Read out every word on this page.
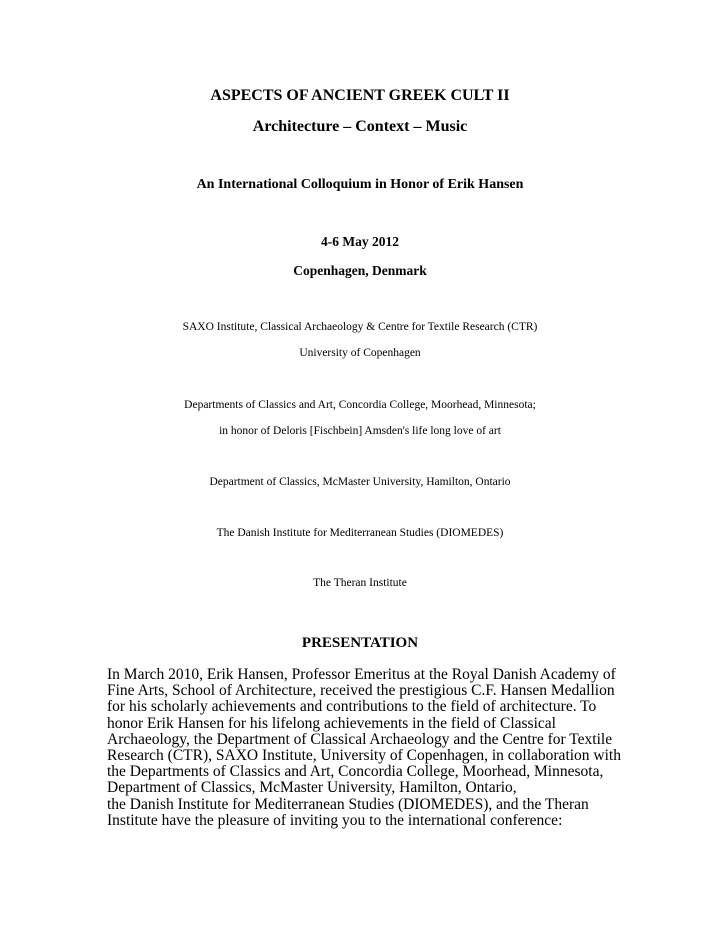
ASPECTS OF ANCIENT GREEK CULT II
Architecture – Context – Music
An International Colloquium in Honor of Erik Hansen
4-6 May 2012
Copenhagen, Denmark
SAXO Institute, Classical Archaeology & Centre for Textile Research (CTR)
University of Copenhagen
Departments of Classics and Art, Concordia College, Moorhead, Minnesota;
in honor of Deloris [Fischbein] Amsden's life long love of art
Department of Classics, McMaster University, Hamilton, Ontario
The Danish Institute for Mediterranean Studies (DIOMEDES)
The Theran Institute
PRESENTATION
In March 2010, Erik Hansen, Professor Emeritus at the Royal Danish Academy of
Fine Arts, School of Architecture, received the prestigious C.F. Hansen Medallion
for his scholarly achievements and contributions to the field of architecture. To
honor Erik Hansen for his lifelong achievements in the field of Classical
Archaeology, the Department of Classical Archaeology and the Centre for Textile
Research (CTR), SAXO Institute, University of Copenhagen, in collaboration with
the Departments of Classics and Art, Concordia College, Moorhead, Minnesota,
Department of Classics, McMaster University, Hamilton, Ontario,
the Danish Institute for Mediterranean Studies (DIOMEDES), and the Theran
Institute have the pleasure of inviting you to the international conference:
